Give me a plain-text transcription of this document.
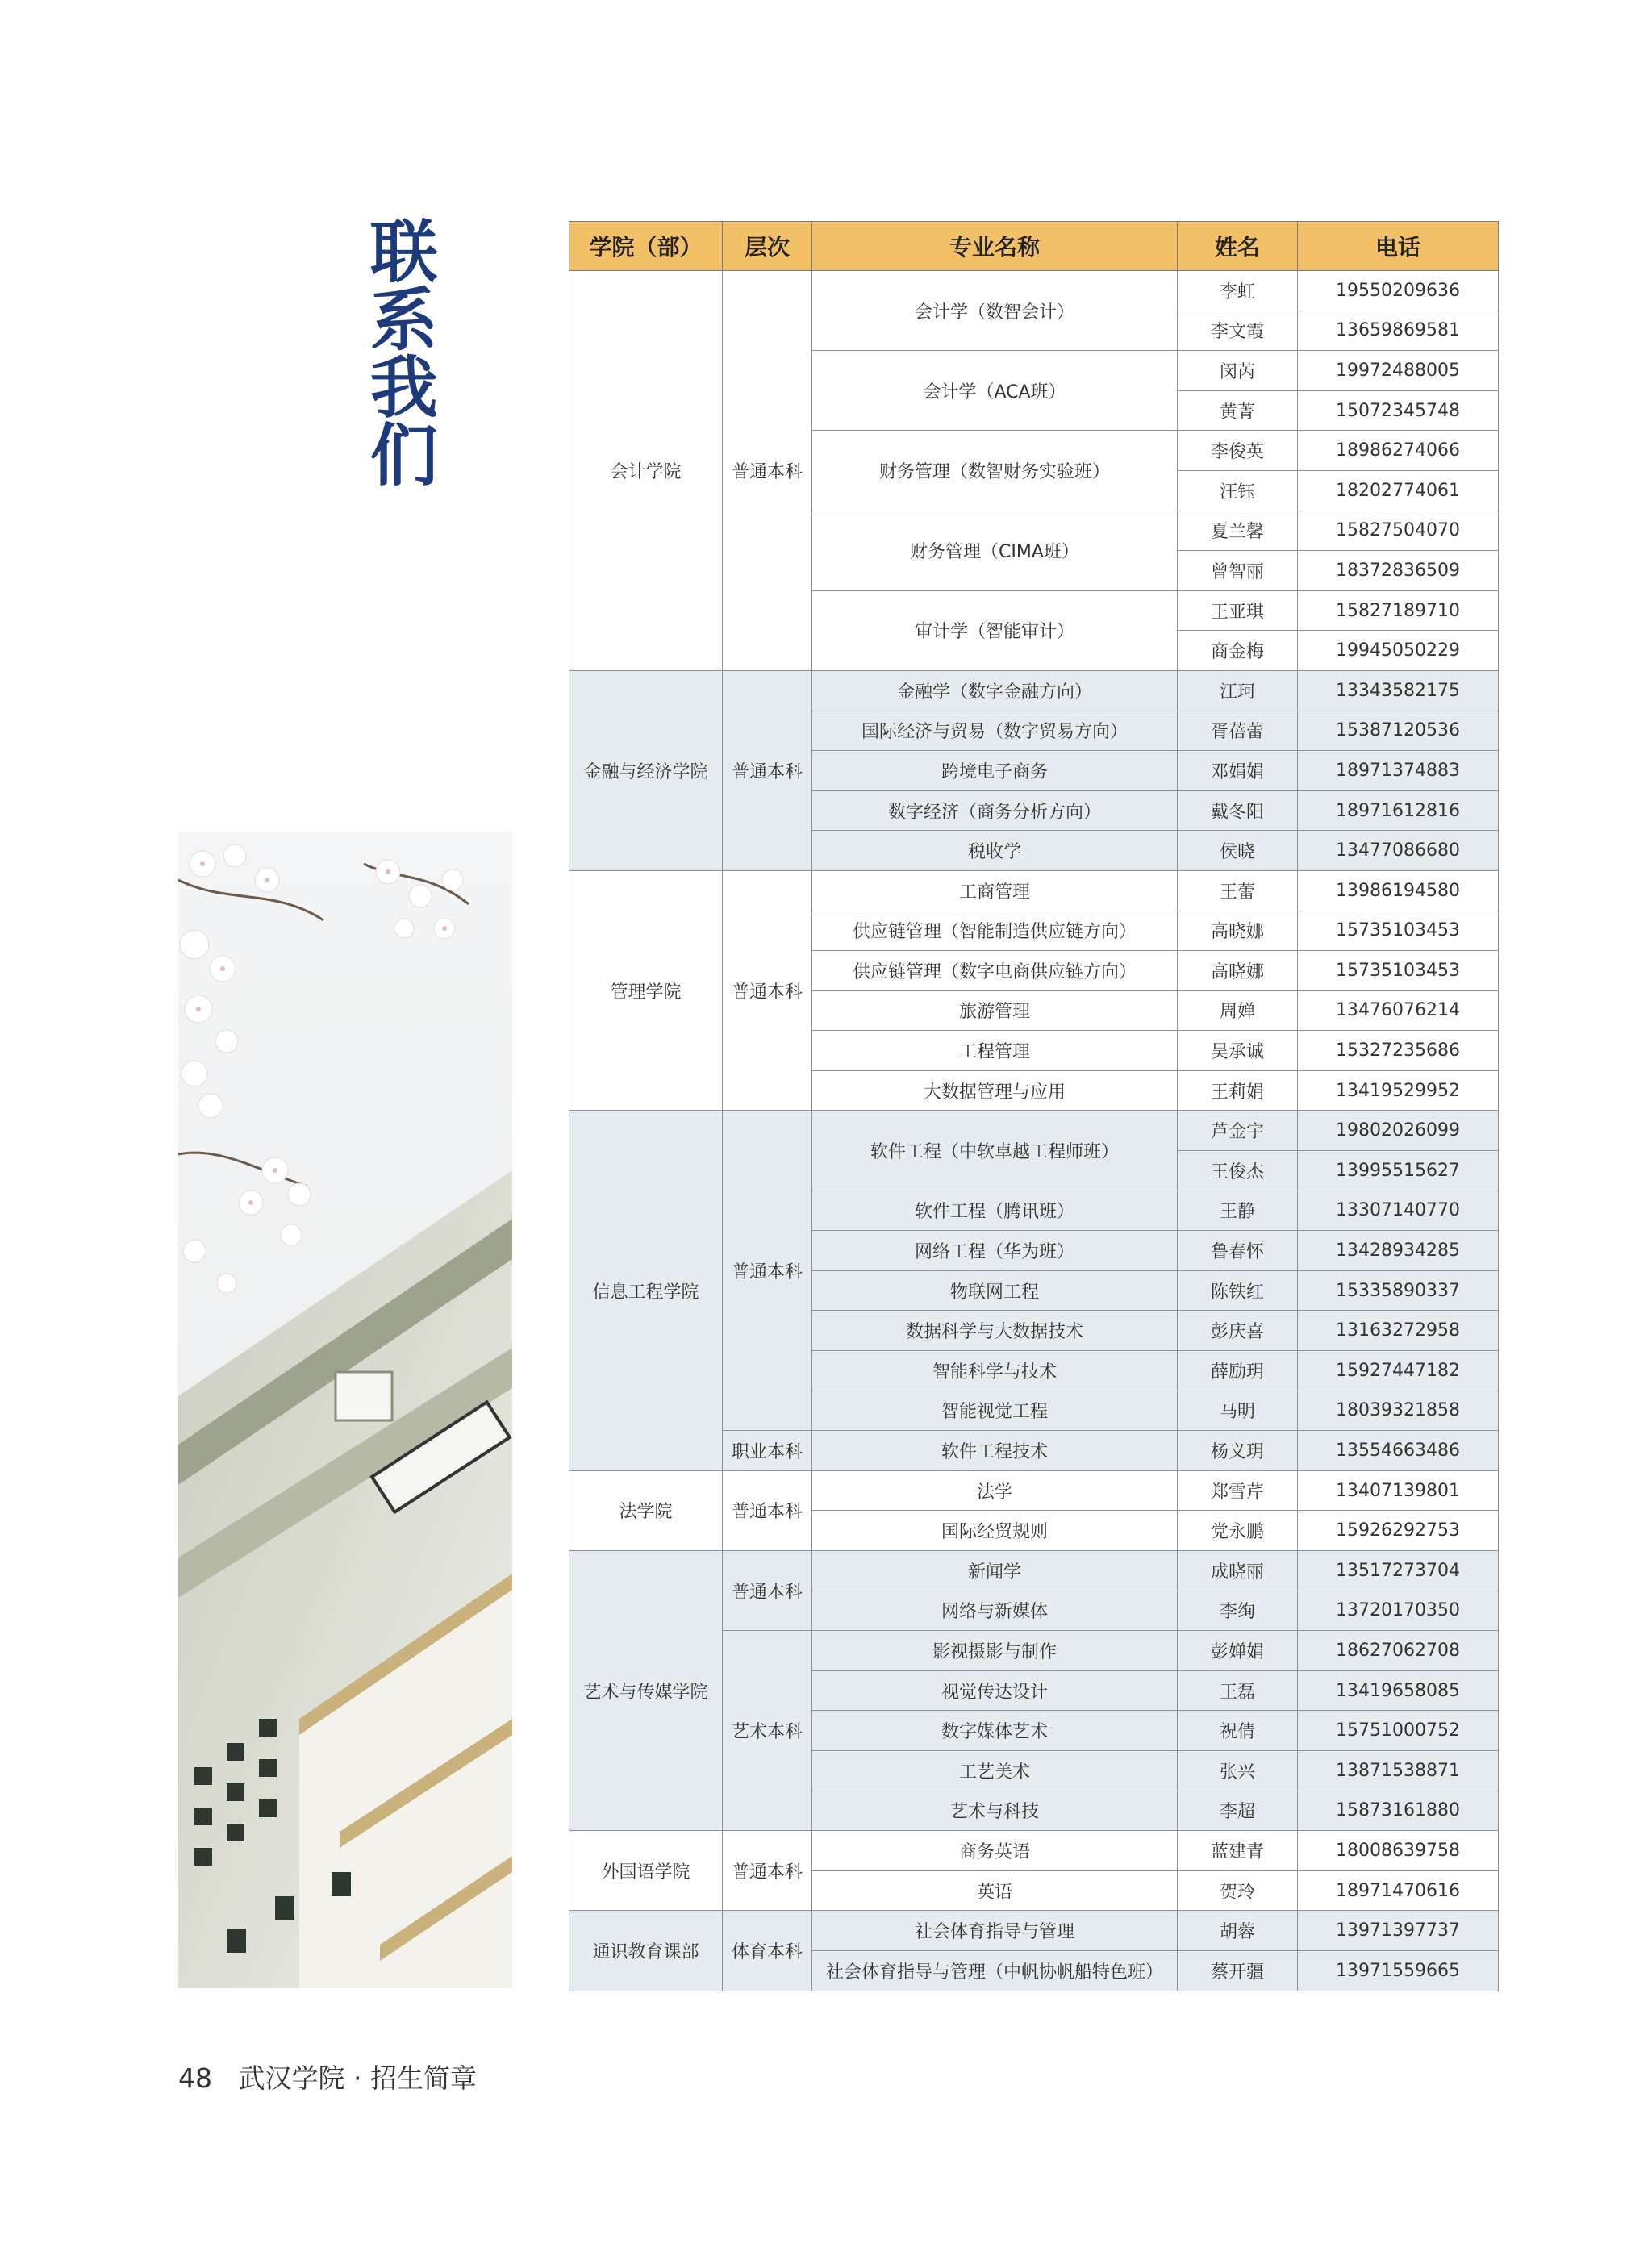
联系我们	学院（部）	层次	专业名称	姓名	电话
会计学院	普通本科	会计学（数智会计）	李虹	19550209636
			李文霞	13659869581
		会计学（ACA班）	闵芮	19972488005
			黄菁	15072345748
		财务管理（数智财务实验班）	李俊英	18986274066
			汪钰	18202774061
		财务管理（CIMA班）	夏兰馨	15827504070
			曾智丽	18372836509
		审计学（智能审计）	王亚琪	15827189710
			商金梅	19945050229
金融与经济学院	普通本科	金融学（数字金融方向）	江珂	13343582175
		国际经济与贸易（数字贸易方向）	胥蓓蕾	15387120536
		跨境电子商务	邓娟娟	18971374883
		数字经济（商务分析方向）	戴冬阳	18971612816
		税收学	侯晓	13477086680
管理学院	普通本科	工商管理	王蕾	13986194580
		供应链管理（智能制造供应链方向）	高晓娜	15735103453
		供应链管理（数字电商供应链方向）	高晓娜	15735103453
		旅游管理	周婵	13476076214
		工程管理	吴承诚	15327235686
		大数据管理与应用	王莉娟	13419529952
信息工程学院	普通本科	软件工程（中软卓越工程师班）	芦金宇	19802026099
			王俊杰	13995515627
		软件工程（腾讯班）	王静	13307140770
		网络工程（华为班）	鲁春怀	13428934285
		物联网工程	陈铁红	15335890337
		数据科学与大数据技术	彭庆喜	13163272958
		智能科学与技术	薛励玥	15927447182
		智能视觉工程	马明	18039321858
	职业本科	软件工程技术	杨义玥	13554663486
法学院	普通本科	法学	郑雪芹	13407139801
		国际经贸规则	党永鹏	15926292753
艺术与传媒学院	普通本科	新闻学	成晓丽	13517273704
		网络与新媒体	李绚	13720170350
	艺术本科	影视摄影与制作	彭婵娟	18627062708
		视觉传达设计	王磊	13419658085
		数字媒体艺术	祝倩	15751000752
		工艺美术	张兴	13871538871
		艺术与科技	李超	15873161880
外国语学院	普通本科	商务英语	蓝建青	18008639758
		英语	贺玲	18971470616
通识教育课部	体育本科	社会体育指导与管理	胡蓉	13971397737
		社会体育指导与管理（中帆协帆船特色班）	蔡开疆	13971559665
48 武汉学院 · 招生简章
